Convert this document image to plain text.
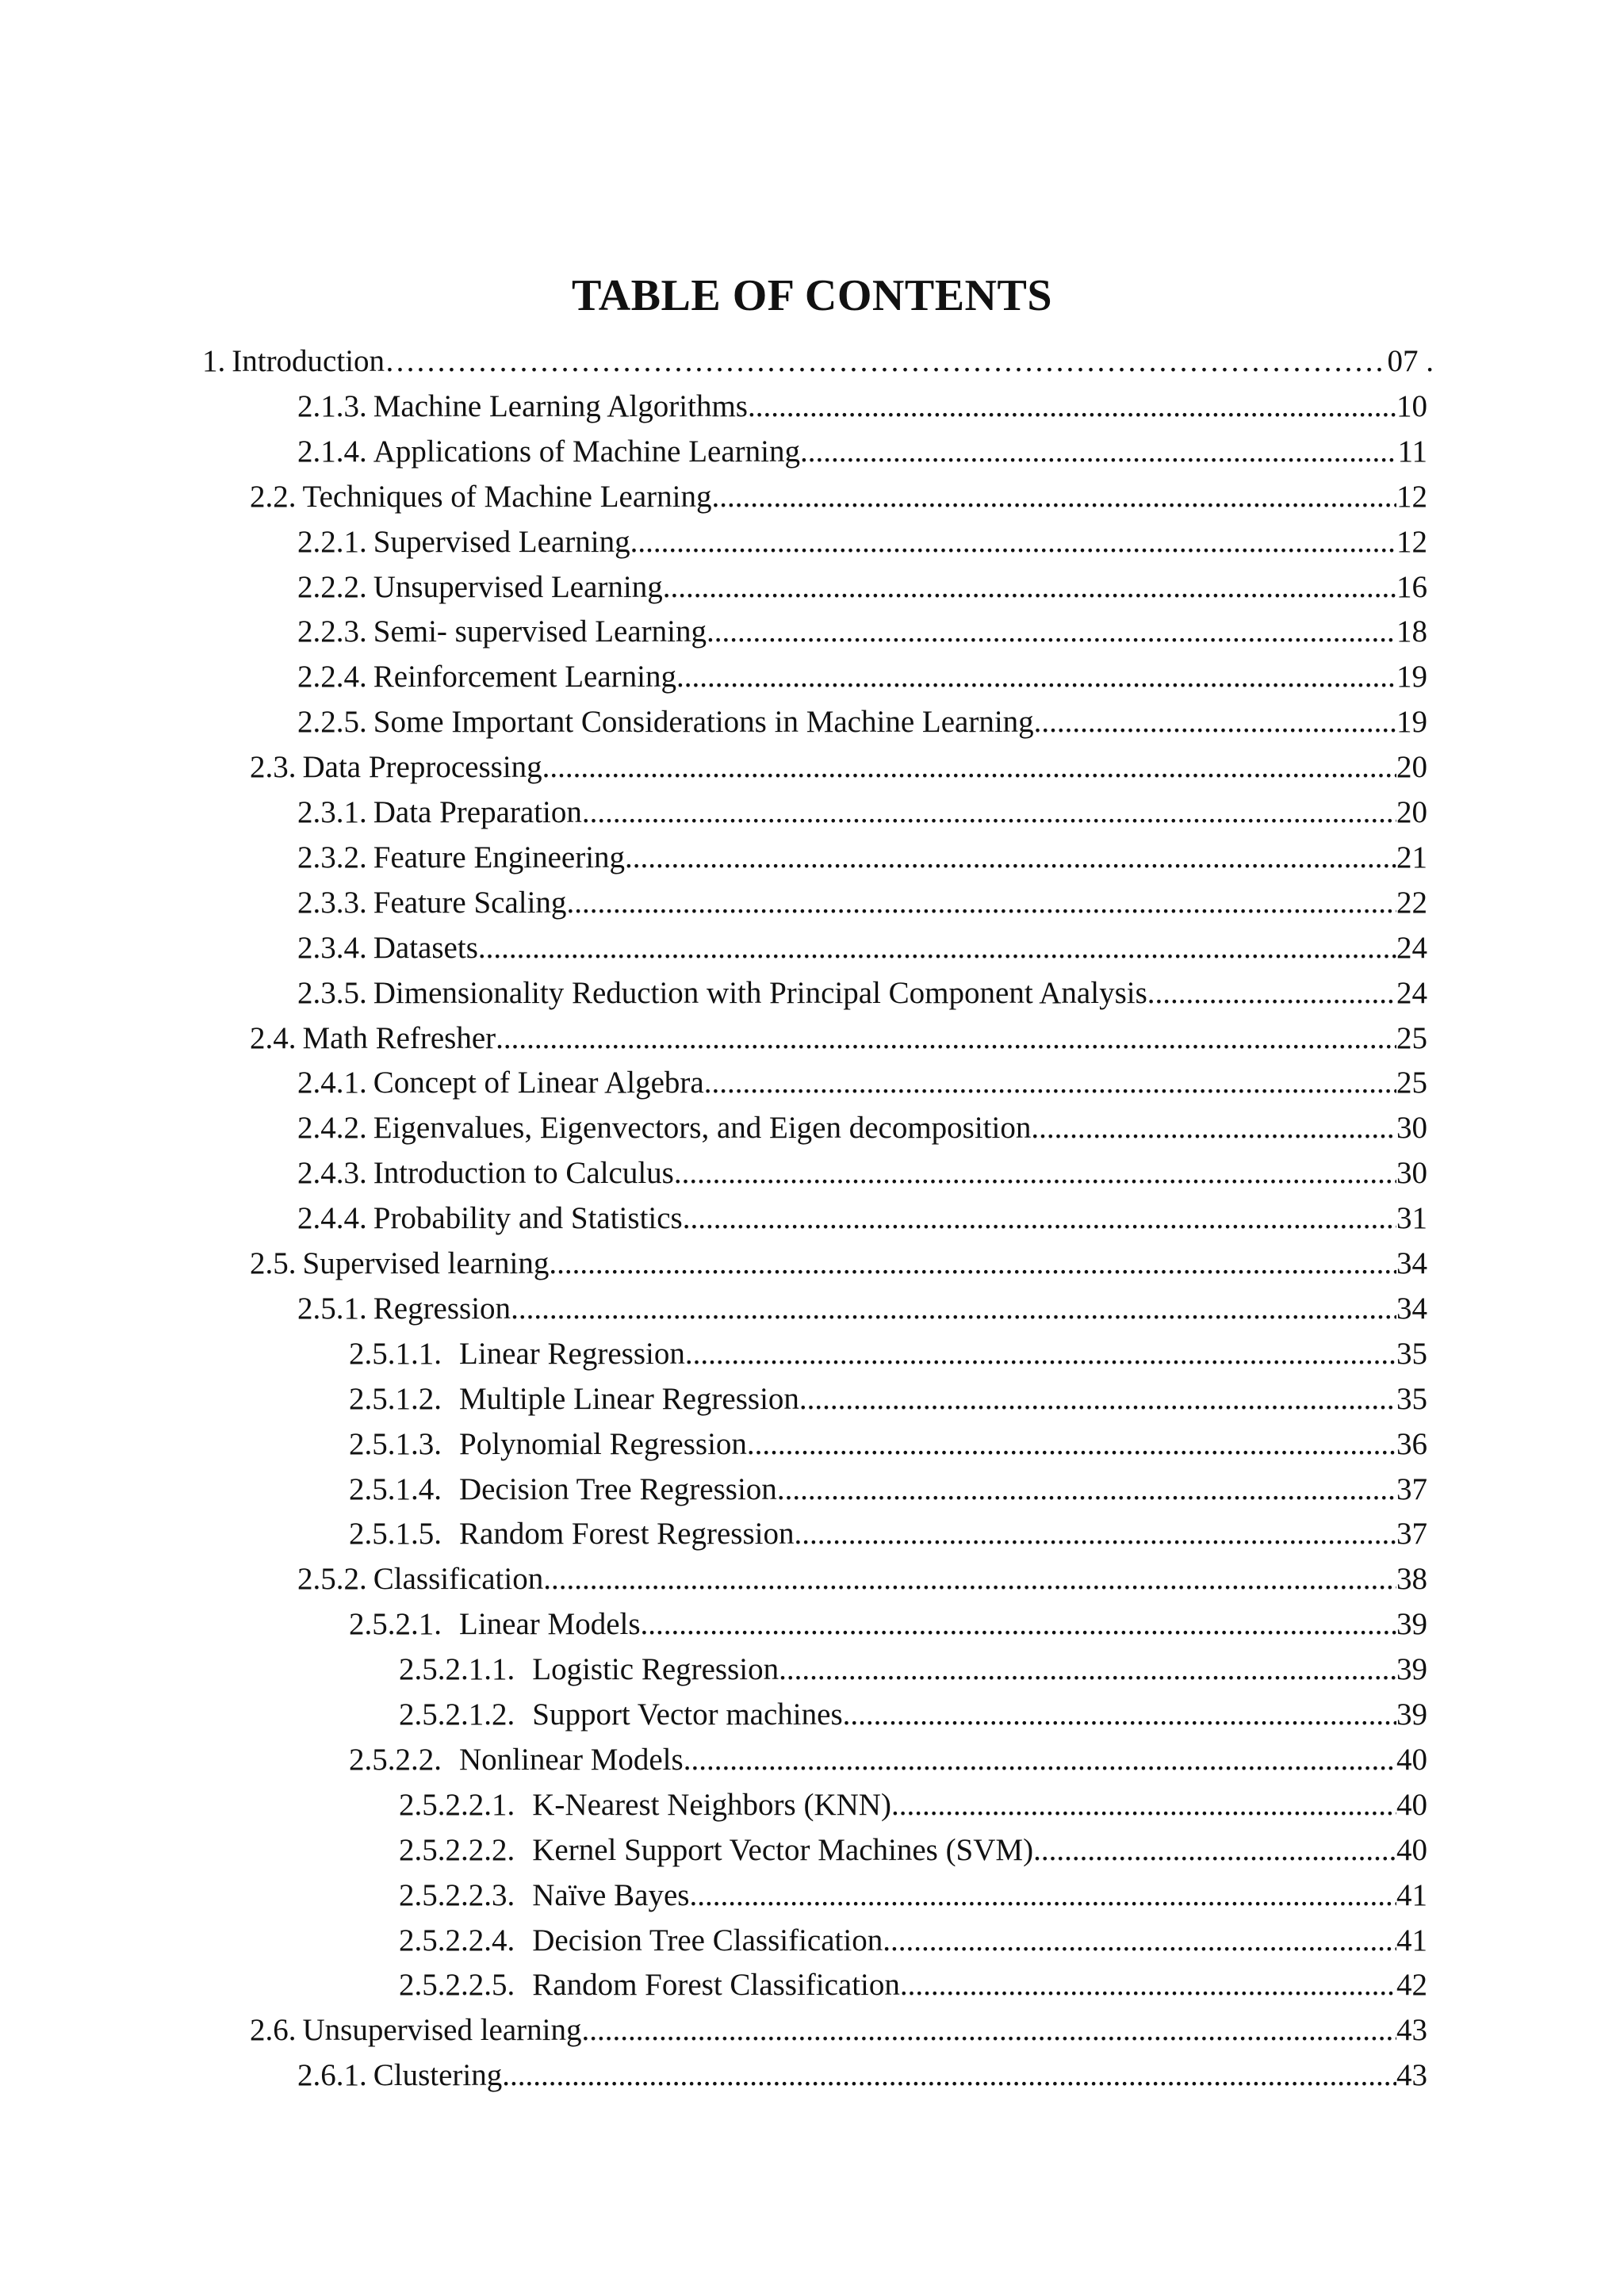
TABLE OF CONTENTS
1. Introduction ……………………………………………………………………………………………………………………………………………………………………………………………………………………………………………………	07 .
2.1.3. Machine Learning Algorithms .....	10
2.1.4. Applications of Machine Learning .....	11
2.2. Techniques of Machine Learning .....	12
2.2.1. Supervised Learning .....	12
2.2.2. Unsupervised Learning .....	16
2.2.3. Semi- supervised Learning .....	18
2.2.4. Reinforcement Learning .....	19
2.2.5. Some Important Considerations in Machine Learning .....	19
2.3. Data Preprocessing .....	20
2.3.1. Data Preparation .....	20
2.3.2. Feature Engineering .....	21
2.3.3. Feature Scaling .....	22
2.3.4. Datasets .....	24
2.3.5. Dimensionality Reduction with Principal Component Analysis .....	24
2.4. Math Refresher .....	25
2.4.1. Concept of Linear Algebra .....	25
2.4.2. Eigenvalues, Eigenvectors, and Eigen decomposition .....	30
2.4.3. Introduction to Calculus .....	30
2.4.4. Probability and Statistics .....	31
2.5. Supervised learning .....	34
2.5.1. Regression .....	34
2.5.1.1. Linear Regression .....	35
2.5.1.2. Multiple Linear Regression .....	35
2.5.1.3. Polynomial Regression .....	36
2.5.1.4. Decision Tree Regression .....	37
2.5.1.5. Random Forest Regression .....	37
2.5.2. Classification .....	38
2.5.2.1. Linear Models .....	39
2.5.2.1.1. Logistic Regression .....	39
2.5.2.1.2. Support Vector machines .....	39
2.5.2.2. Nonlinear Models .....	40
2.5.2.2.1. K-Nearest Neighbors (KNN) .....	40
2.5.2.2.2. Kernel Support Vector Machines (SVM) .....	40
2.5.2.2.3. Naïve Bayes .....	41
2.5.2.2.4. Decision Tree Classification .....	41
2.5.2.2.5. Random Forest Classification .....	42
2.6. Unsupervised learning .....	43
2.6.1. Clustering .....	43
